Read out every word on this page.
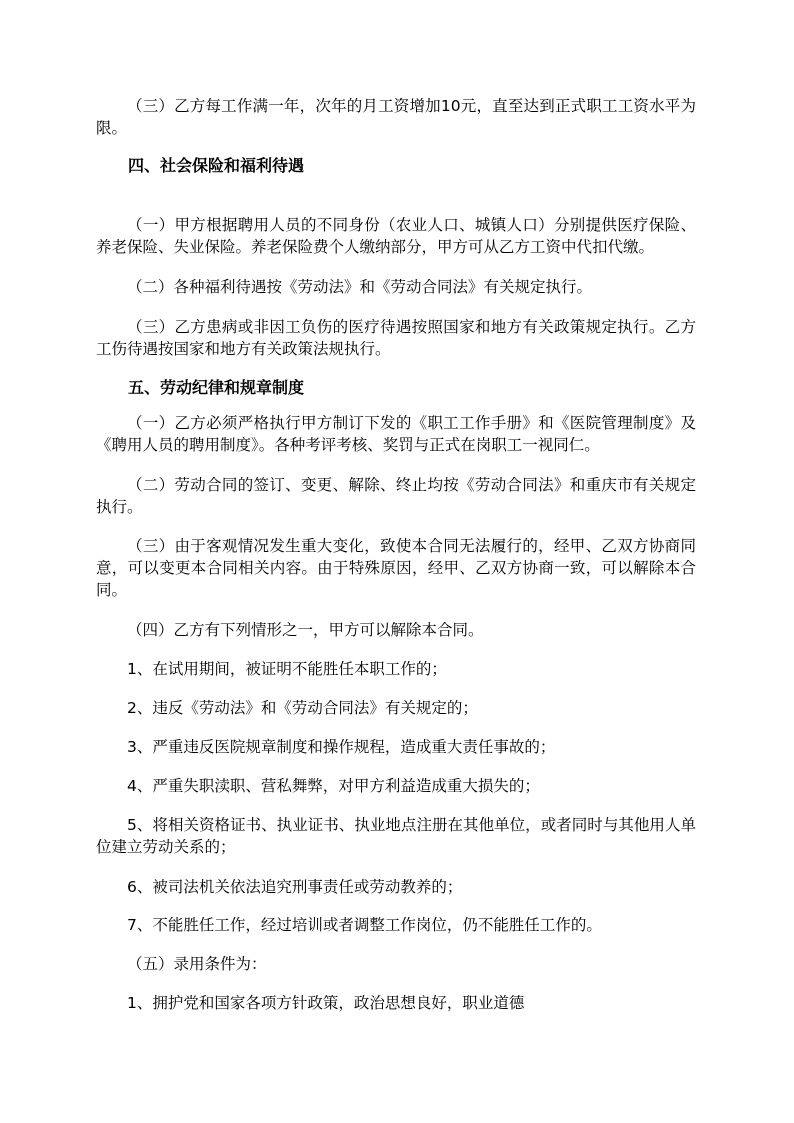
（三）乙方每工作满一年，次年的月工资增加10元，直至达到正式职工工资水平为限。

四、社会保险和福利待遇

（一）甲方根据聘用人员的不同身份（农业人口、城镇人口）分别提供医疗保险、养老保险、失业保险。养老保险费个人缴纳部分，甲方可从乙方工资中代扣代缴。

（二）各种福利待遇按《劳动法》和《劳动合同法》有关规定执行。

（三）乙方患病或非因工负伤的医疗待遇按照国家和地方有关政策规定执行。乙方工伤待遇按国家和地方有关政策法规执行。

五、劳动纪律和规章制度

（一）乙方必须严格执行甲方制订下发的《职工工作手册》和《医院管理制度》及《聘用人员的聘用制度》。各种考评考核、奖罚与正式在岗职工一视同仁。

（二）劳动合同的签订、变更、解除、终止均按《劳动合同法》和重庆市有关规定执行。

（三）由于客观情况发生重大变化，致使本合同无法履行的，经甲、乙双方协商同意，可以变更本合同相关内容。由于特殊原因，经甲、乙双方协商一致，可以解除本合同。

（四）乙方有下列情形之一，甲方可以解除本合同。

1、在试用期间，被证明不能胜任本职工作的；

2、违反《劳动法》和《劳动合同法》有关规定的；

3、严重违反医院规章制度和操作规程，造成重大责任事故的；

4、严重失职渎职、营私舞弊，对甲方利益造成重大损失的；

5、将相关资格证书、执业证书、执业地点注册在其他单位，或者同时与其他用人单位建立劳动关系的；

6、被司法机关依法追究刑事责任或劳动教养的；

7、不能胜任工作，经过培训或者调整工作岗位，仍不能胜任工作的。

（五）录用条件为：

1、拥护党和国家各项方针政策，政治思想良好，职业道德
